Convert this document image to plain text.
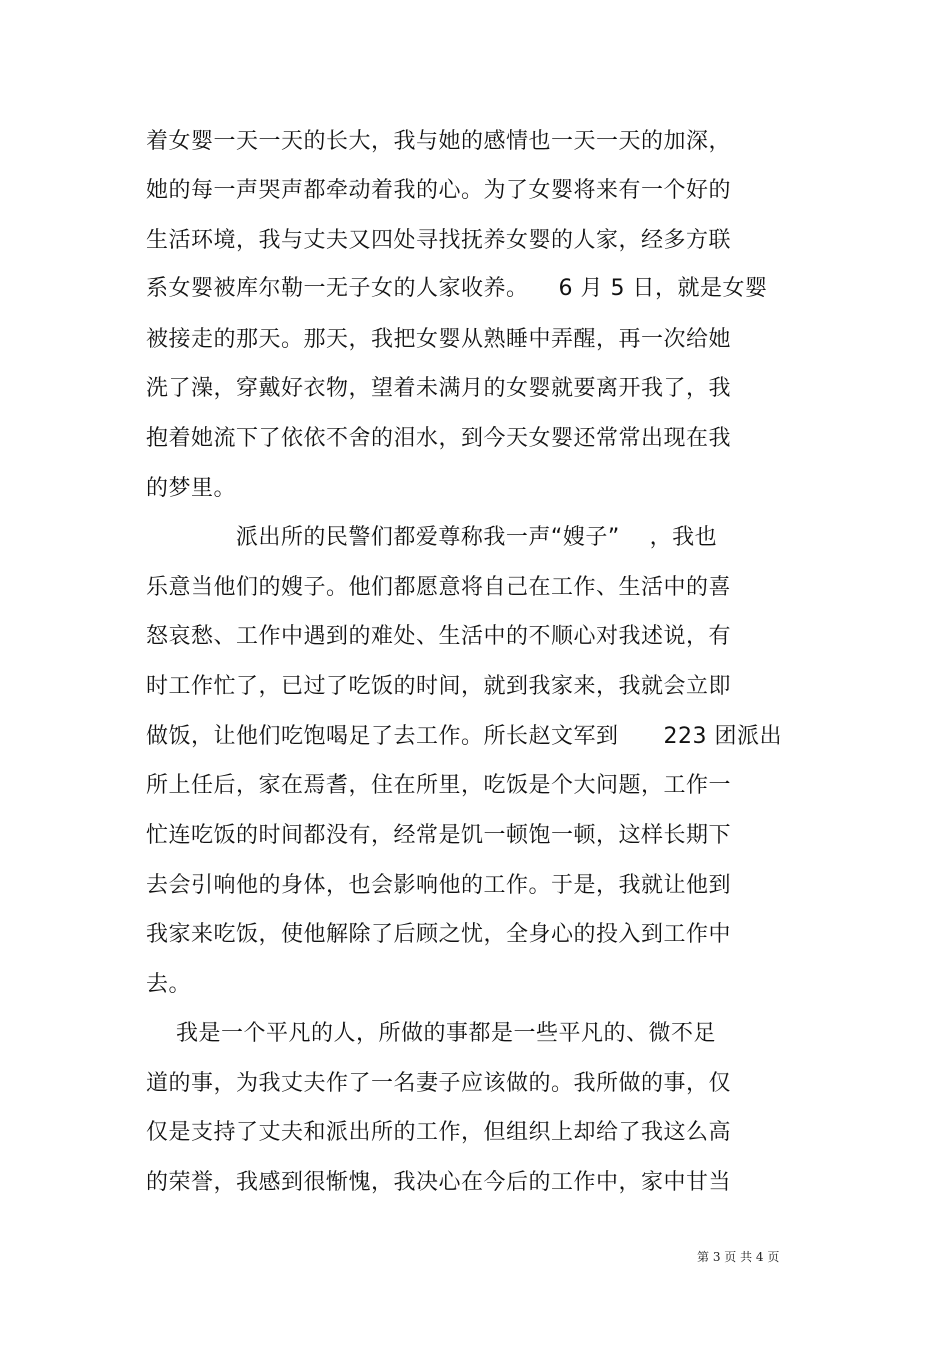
着女婴一天一天的长大，我与她的感情也一天一天的加深，
她的每一声哭声都牵动着我的心。为了女婴将来有一个好的
生活环境，我与丈夫又四处寻找抚养女婴的人家，经多方联
系女婴被库尔勒一无子女的人家收养。    6 月 5 日，就是女婴
被接走的那天。那天，我把女婴从熟睡中弄醒，再一次给她
洗了澡，穿戴好衣物，望着未满月的女婴就要离开我了，我
抱着她流下了依依不舍的泪水，到今天女婴还常常出现在我
的梦里。
派出所的民警们都爱尊称我一声“嫂子”    ，我也
乐意当他们的嫂子。他们都愿意将自己在工作、生活中的喜
怒哀愁、工作中遇到的难处、生活中的不顺心对我述说，有
时工作忙了，已过了吃饭的时间，就到我家来，我就会立即
做饭，让他们吃饱喝足了去工作。所长赵文军到      223 团派出
所上任后，家在焉耆，住在所里，吃饭是个大问题，工作一
忙连吃饭的时间都没有，经常是饥一顿饱一顿，这样长期下
去会引响他的身体，也会影响他的工作。于是，我就让他到
我家来吃饭，使他解除了后顾之忧，全身心的投入到工作中
去。
我是一个平凡的人，所做的事都是一些平凡的、微不足
道的事，为我丈夫作了一名妻子应该做的。我所做的事，仅
仅是支持了丈夫和派出所的工作，但组织上却给了我这么高
的荣誉，我感到很惭愧，我决心在今后的工作中，家中甘当
第 3 页 共 4 页
